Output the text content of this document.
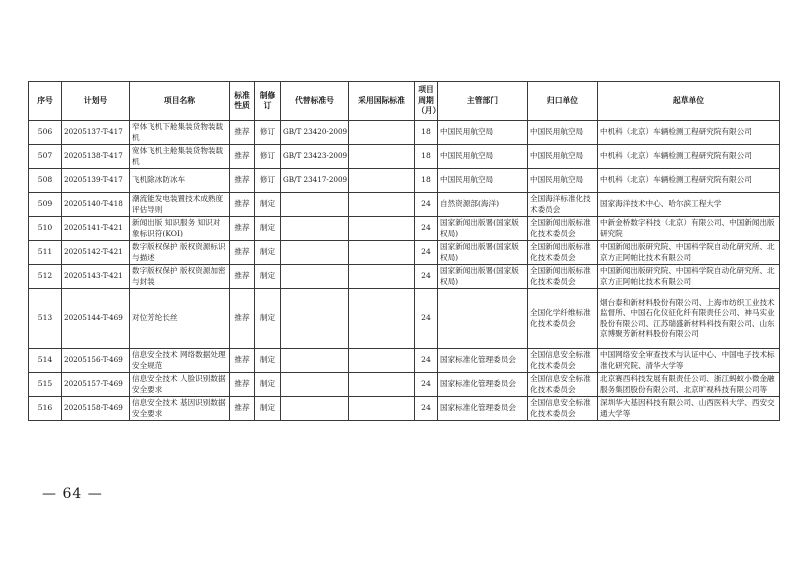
序号	计划号	项目名称	标准性质	制修订	代替标准号	采用国际标准	项目周期（月）	主管部门	归口单位	起草单位
506	20205137-T-417	窄体飞机下舱集装货物装载机	推荐	修订	GB/T 23420-2009		18	中国民用航空局	中国民用航空局	中机科（北京）车辆检测工程研究院有限公司
507	20205138-T-417	宽体飞机主舱集装货物装载机	推荐	修订	GB/T 23423-2009		18	中国民用航空局	中国民用航空局	中机科（北京）车辆检测工程研究院有限公司
508	20205139-T-417	飞机除冰防冰车	推荐	修订	GB/T 23417-2009		18	中国民用航空局	中国民用航空局	中机科（北京）车辆检测工程研究院有限公司
509	20205140-T-418	潮流能发电装置技术成熟度评估导则	推荐	制定			24	自然资源部(海洋)	全国海洋标准化技术委员会	国家海洋技术中心、哈尔滨工程大学
510	20205141-T-421	新闻出版 知识服务 知识对象标识符(KOI)	推荐	制定			24	国家新闻出版署(国家版权局)	全国新闻出版标准化技术委员会	中新金桥数字科技（北京）有限公司、中国新闻出版研究院
511	20205142-T-421	数字版权保护 版权资源标识与描述	推荐	制定			24	国家新闻出版署(国家版权局)	全国新闻出版标准化技术委员会	中国新闻出版研究院、中国科学院自动化研究所、北京方正阿帕比技术有限公司
512	20205143-T-421	数字版权保护 版权资源加密与封装	推荐	制定			24	国家新闻出版署(国家版权局)	全国新闻出版标准化技术委员会	中国新闻出版研究院、中国科学院自动化研究所、北京方正阿帕比技术有限公司
513	20205144-T-469	对位芳纶长丝	推荐	制定			24		全国化学纤维标准化技术委员会	烟台泰和新材料股份有限公司、上海市纺织工业技术监督所、中国石化仪征化纤有限责任公司、神马实业股份有限公司、江苏瑞盛新材料科技有限公司、山东京博聚芳新材料股份有限公司
514	20205156-T-469	信息安全技术 网络数据处理安全规范	推荐	制定			24	国家标准化管理委员会	全国信息安全标准化技术委员会	中国网络安全审查技术与认证中心、中国电子技术标准化研究院、清华大学等
515	20205157-T-469	信息安全技术 人脸识别数据安全要求	推荐	制定			24	国家标准化管理委员会	全国信息安全标准化技术委员会	北京赛西科技发展有限责任公司、浙江蚂蚁小微金融服务集团股份有限公司、北京旷视科技有限公司等
516	20205158-T-469	信息安全技术 基因识别数据安全要求	推荐	制定			24	国家标准化管理委员会	全国信息安全标准化技术委员会	深圳华大基因科技有限公司、山西医科大学、西安交通大学等
— 64 —
